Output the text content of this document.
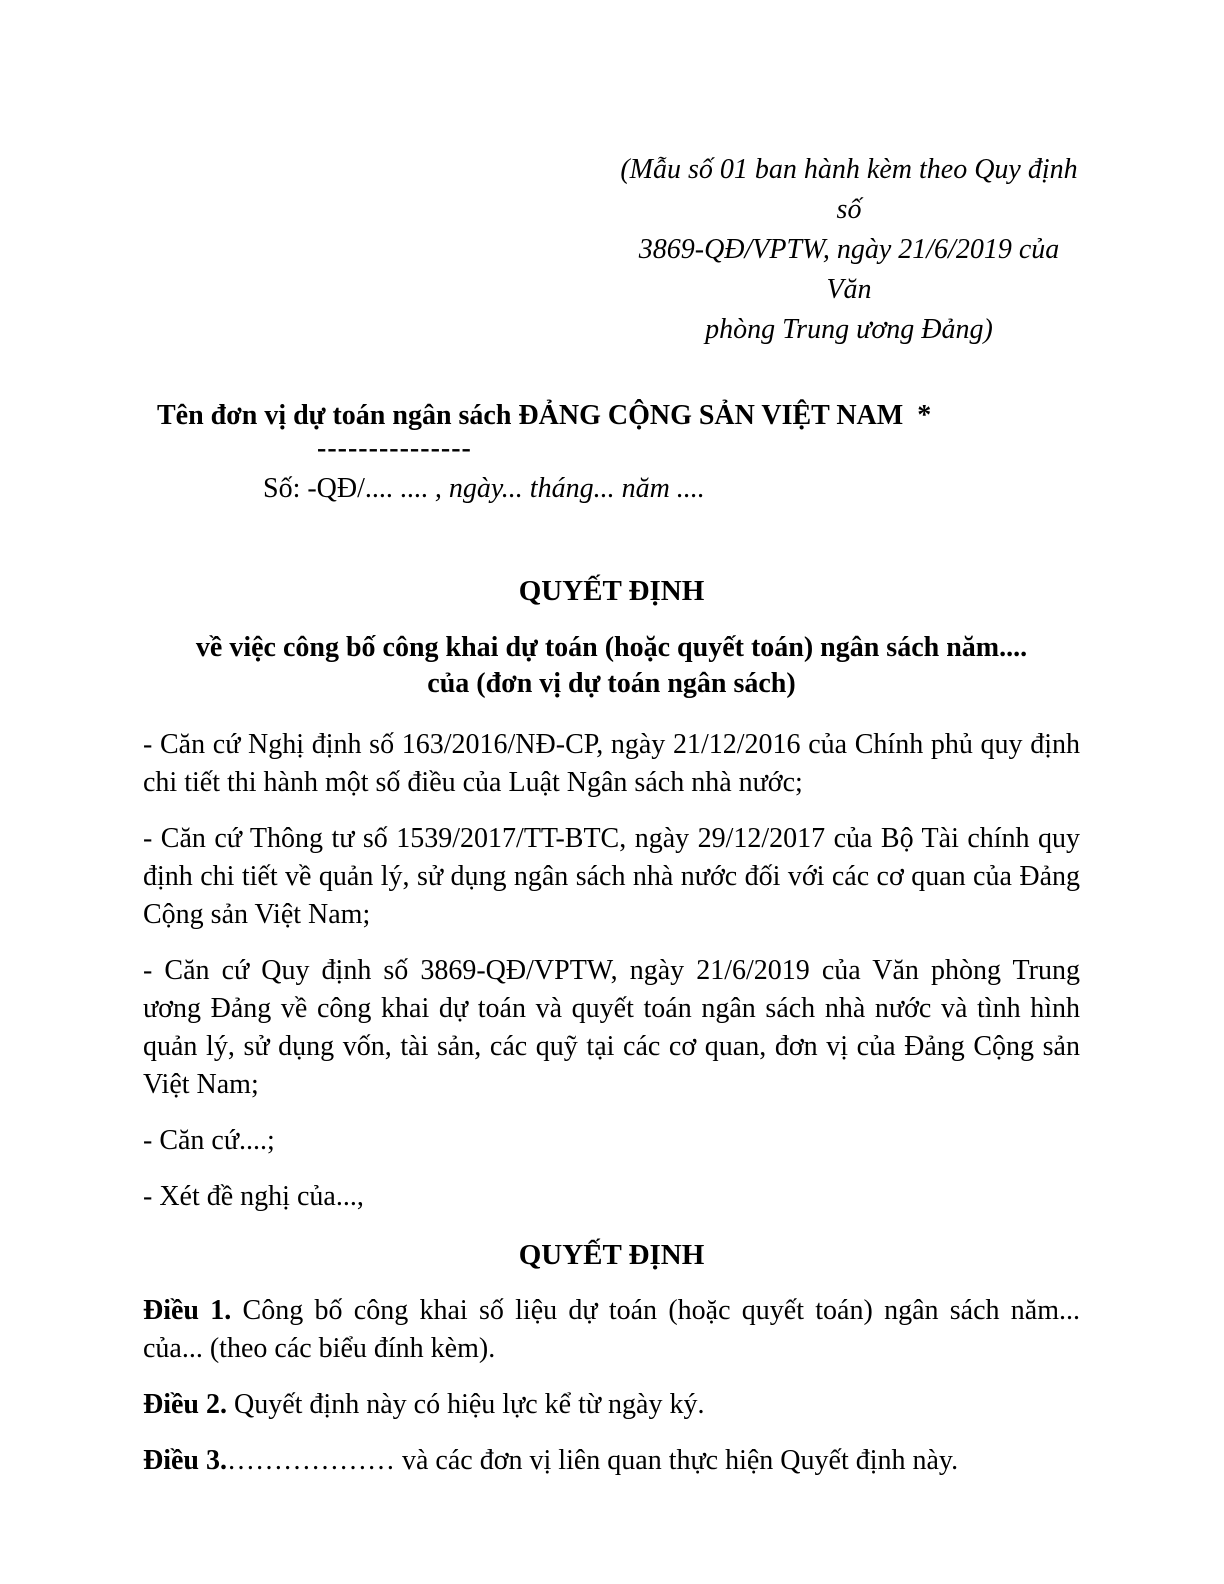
(Mẫu số 01 ban hành kèm theo Quy định số
3869-QĐ/VPTW, ngày 21/6/2019 của Văn
phòng Trung ương Đảng)
Tên đơn vị dự toán ngân sách ĐẢNG CỘNG SẢN VIỆT NAM  *
---------------
Số: -QĐ/.... .... , ngày... tháng... năm ....
QUYẾT ĐỊNH
về việc công bố công khai dự toán (hoặc quyết toán) ngân sách năm....
của (đơn vị dự toán ngân sách)

- Căn cứ Nghị định số 163/2016/NĐ-CP, ngày 21/12/2016 của Chính phủ quy định chi tiết thi hành một số điều của Luật Ngân sách nhà nước;

- Căn cứ Thông tư số 1539/2017/TT-BTC, ngày 29/12/2017 của Bộ Tài chính quy định chi tiết về quản lý, sử dụng ngân sách nhà nước đối với các cơ quan của Đảng Cộng sản Việt Nam;

- Căn cứ Quy định số 3869-QĐ/VPTW, ngày 21/6/2019 của Văn phòng Trung ương Đảng về công khai dự toán và quyết toán ngân sách nhà nước và tình hình quản lý, sử dụng vốn, tài sản, các quỹ tại các cơ quan, đơn vị của Đảng Cộng sản Việt Nam;

- Căn cứ....;

- Xét đề nghị của...,

QUYẾT ĐỊNH

Điều 1. Công bố công khai số liệu dự toán (hoặc quyết toán) ngân sách năm... của... (theo các biểu đính kèm).

Điều 2. Quyết định này có hiệu lực kể từ ngày ký.

Điều 3.……………… và các đơn vị liên quan thực hiện Quyết định này.
